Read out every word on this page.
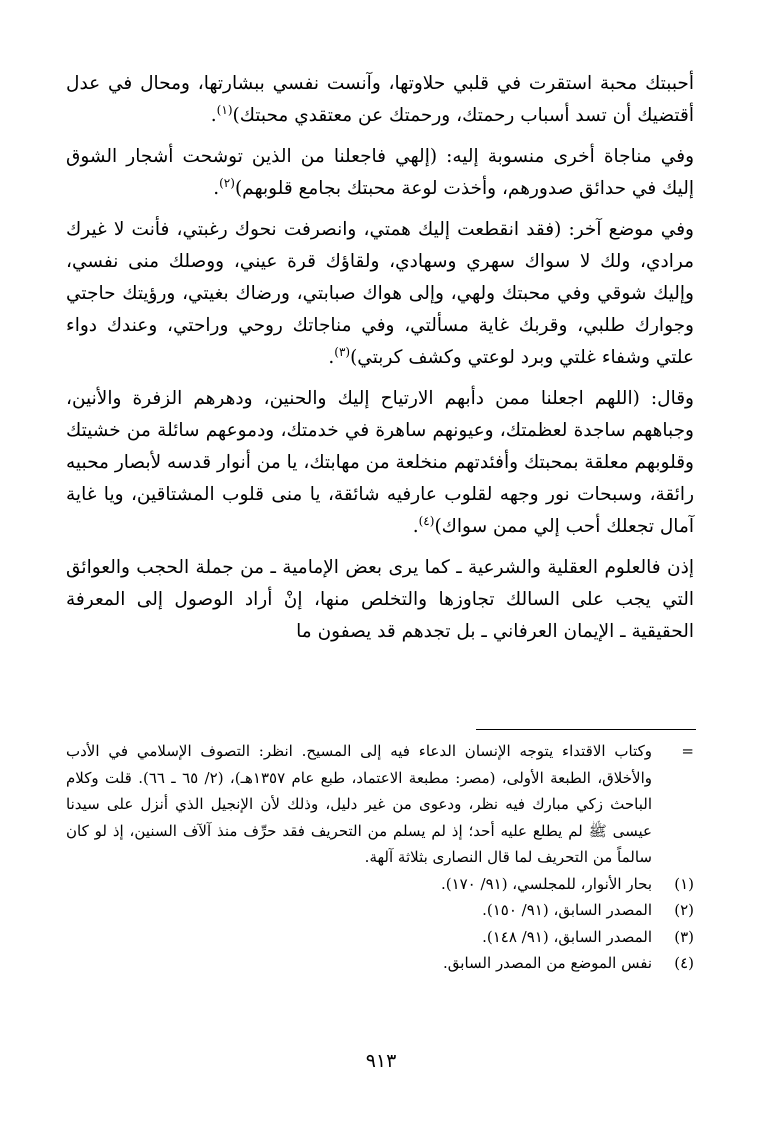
أحببتك محبة استقرت في قلبي حلاوتها، وآنست نفسي ببشارتها، ومحال في عدل أقتضيك أن تسد أسباب رحمتك، ورحمتك عن معتقدي محبتك)$^{(١)}$.

وفي مناجاة أخرى منسوبة إليه: (إلهي فاجعلنا من الذين توشحت أشجار الشوق إليك في حدائق صدورهم، وأخذت لوعة محبتك بجامع قلوبهم)$^{(٢)}$.

وفي موضع آخر: (فقد انقطعت إليك همتي، وانصرفت نحوك رغبتي، فأنت لا غيرك مرادي، ولك لا سواك سهري وسهادي، ولقاؤك قرة عيني، ووصلك منى نفسي، وإليك شوقي وفي محبتك ولهي، وإلى هواك صبابتي، ورضاك بغيتي، ورؤيتك حاجتي وجوارك طلبي، وقربك غاية مسألتي، وفي مناجاتك روحي وراحتي، وعندك دواء علتي وشفاء غلتي وبرد لوعتي وكشف كربتي)$^{(٣)}$.

وقال: (اللهم اجعلنا ممن دأبهم الارتياح إليك والحنين، ودهرهم الزفرة والأنين، وجباههم ساجدة لعظمتك، وعيونهم ساهرة في خدمتك، ودموعهم سائلة من خشيتك وقلوبهم معلقة بمحبتك وأفئدتهم منخلعة من مهابتك، يا من أنوار قدسه لأبصار محبيه رائقة، وسبحات نور وجهه لقلوب عارفيه شائقة، يا منى قلوب المشتاقين، ويا غاية آمال تجعلك أحب إلي ممن سواك)$^{(٤)}$.

إذن فالعلوم العقلية والشرعية ـ كما يرى بعض الإمامية ـ من جملة الحجب والعوائق التي يجب على السالك تجاوزها والتخلص منها، إنْ أراد الوصول إلى المعرفة الحقيقية ـ الإيمان العرفاني ـ بل تجدهم قد يصفون ما

=
وكتاب الاقتداء يتوجه الإنسان الدعاء فيه إلى المسيح. انظر: التصوف الإسلامي في الأدب والأخلاق، الطبعة الأولى، (مصر: مطبعة الاعتماد، طبع عام ١٣٥٧هـ)، (٢/ ٦٥ ـ ٦٦). قلت وكلام الباحث زكي مبارك فيه نظر، ودعوى من غير دليل، وذلك لأن الإنجيل الذي أنزل على سيدنا عيسى ﷺ لم يطلع عليه أحد؛ إذ لم يسلم من التحريف فقد حرِّف منذ آلآف السنين، إذ لو كان سالماً من التحريف لما قال النصارى بثلاثة آلهة.
(١)
بحار الأنوار، للمجلسي، (٩١/ ١٧٠).
(٢)
المصدر السابق، (٩١/ ١٥٠).
(٣)
المصدر السابق، (٩١/ ١٤٨).
(٤)
نفس الموضع من المصدر السابق.
٩١٣
